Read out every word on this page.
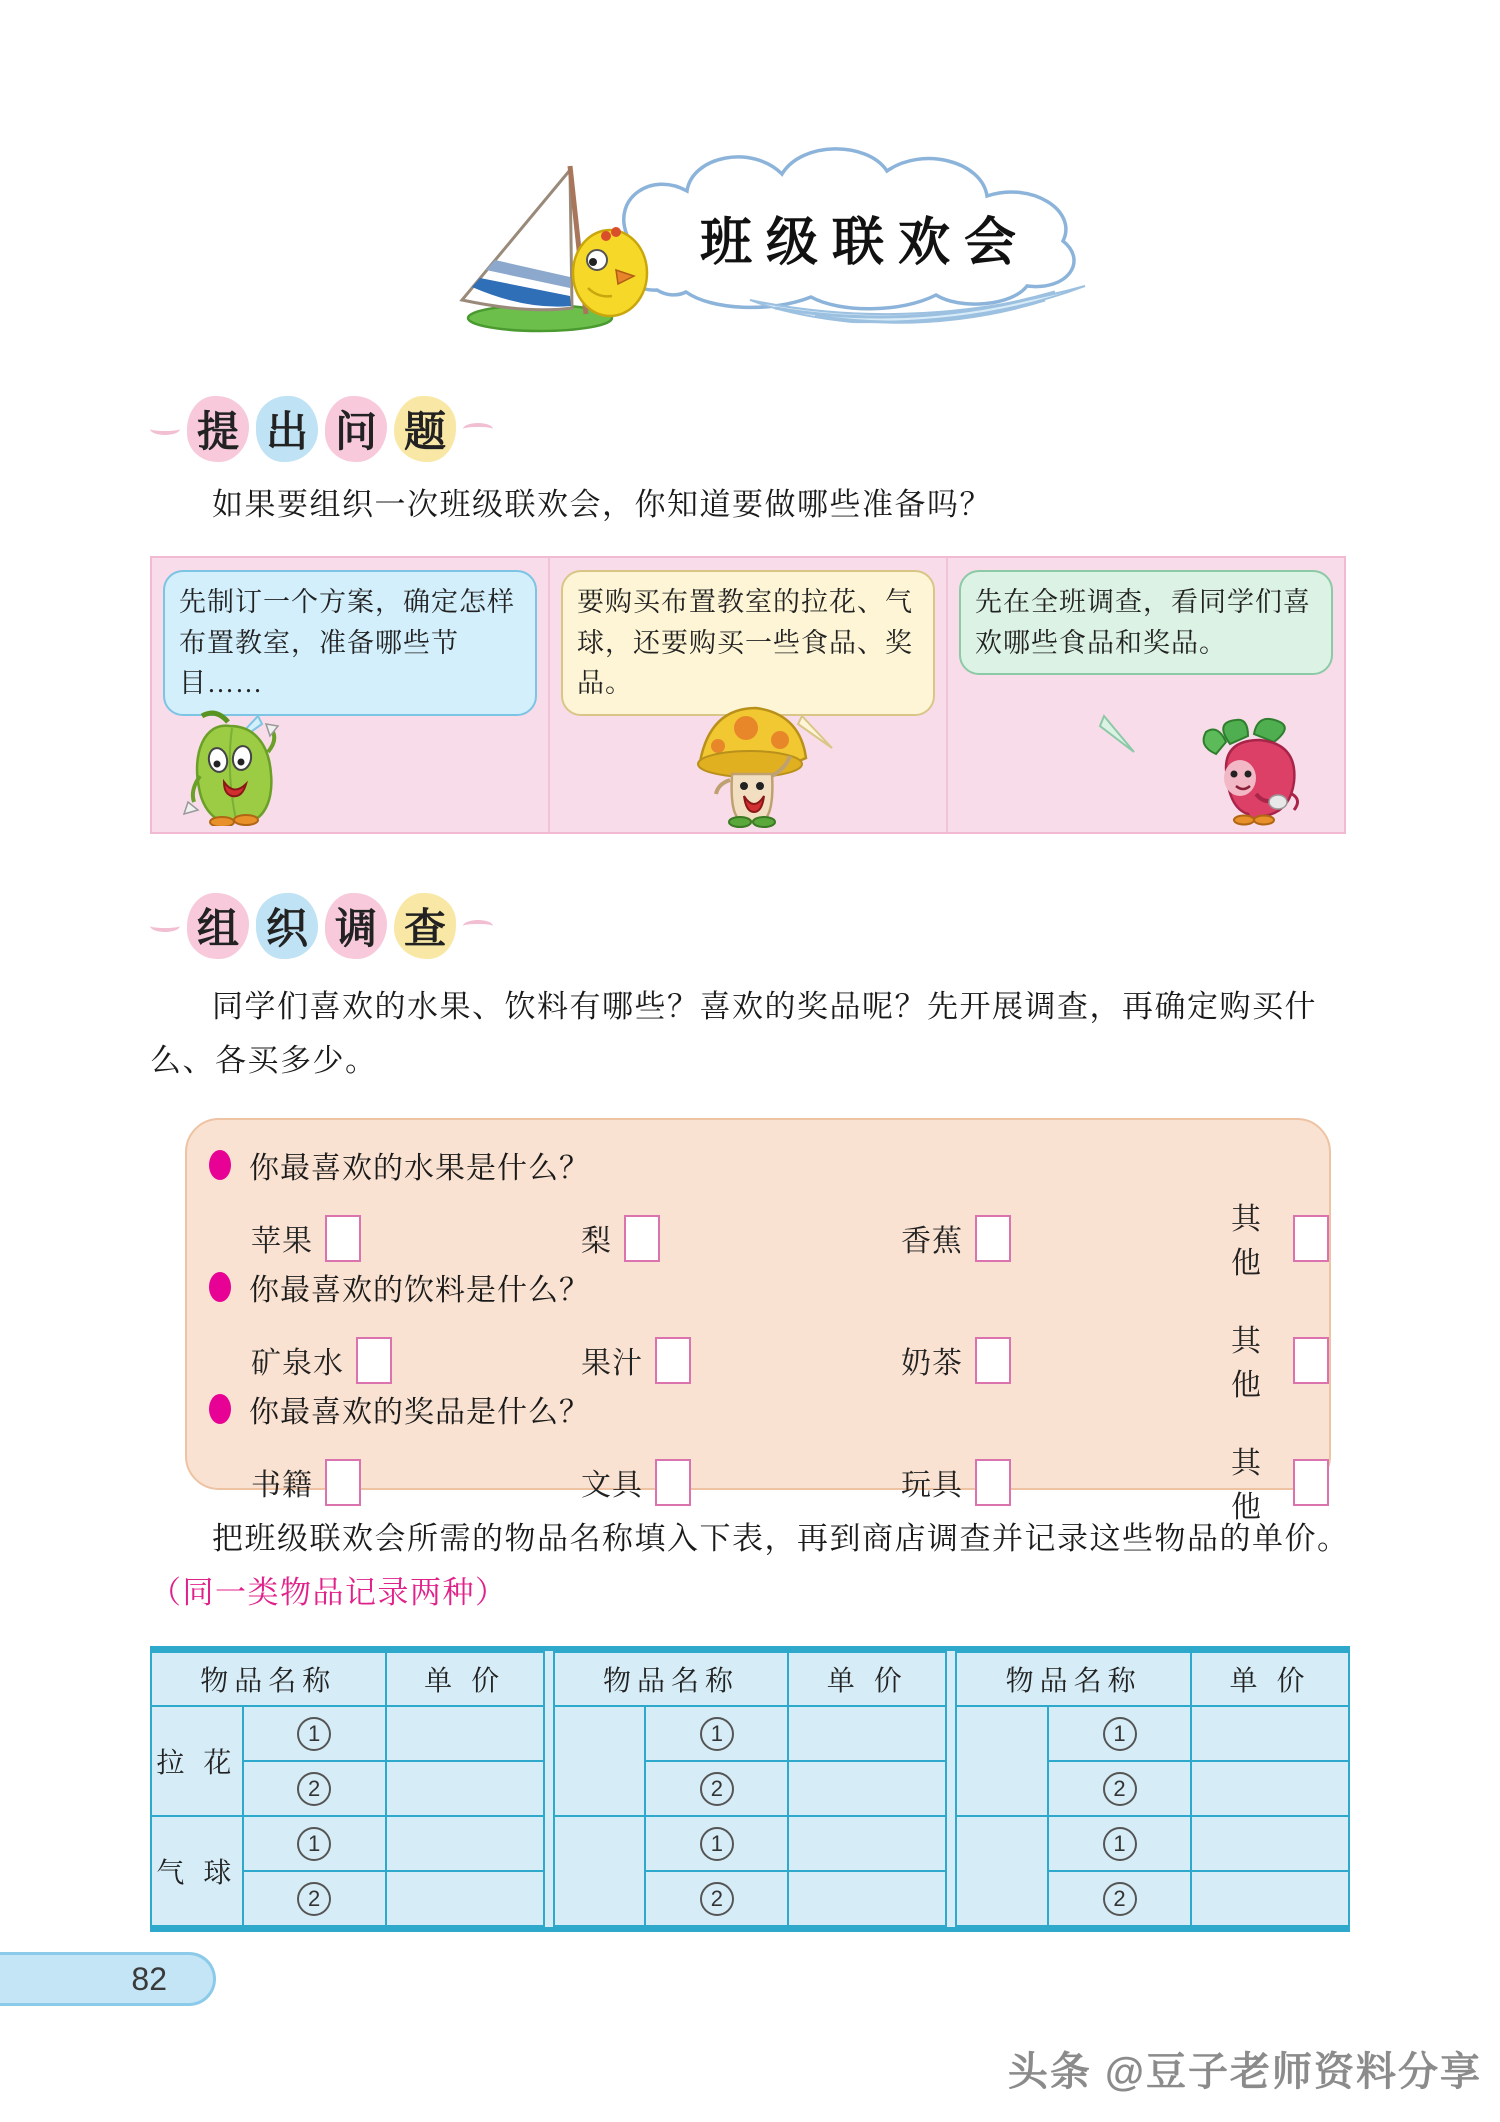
班级联欢会
提 出 问 题
如果要组织一次班级联欢会，你知道要做哪些准备吗？
先制订一个方案，确定怎样布置教室，准备哪些节目……
要购买布置教室的拉花、气球，还要购买一些食品、奖品。
先在全班调查，看同学们喜欢哪些食品和奖品。
组 织 调 查
同学们喜欢的水果、饮料有哪些？喜欢的奖品呢？先开展调查，再确定购买什么、各买多少。
你最喜欢的水果是什么？
苹果	梨	香蕉
其他
你最喜欢的饮料是什么？
矿泉水	果汁	奶茶
其他
你最喜欢的奖品是什么？
书籍	文具	玩具
其他
把班级联欢会所需的物品名称填入下表，再到商店调查并记录这些物品的单价。（同一类物品记录两种）
物品名称		单 价
拉 花	1	
	2	
气 球	1	
	2	
物品名称		单 价
	1	
	2	
	1	
	2	
物品名称		单 价
	1	
	2	
	1	
	2	
82
头条 @豆子老师资料分享
